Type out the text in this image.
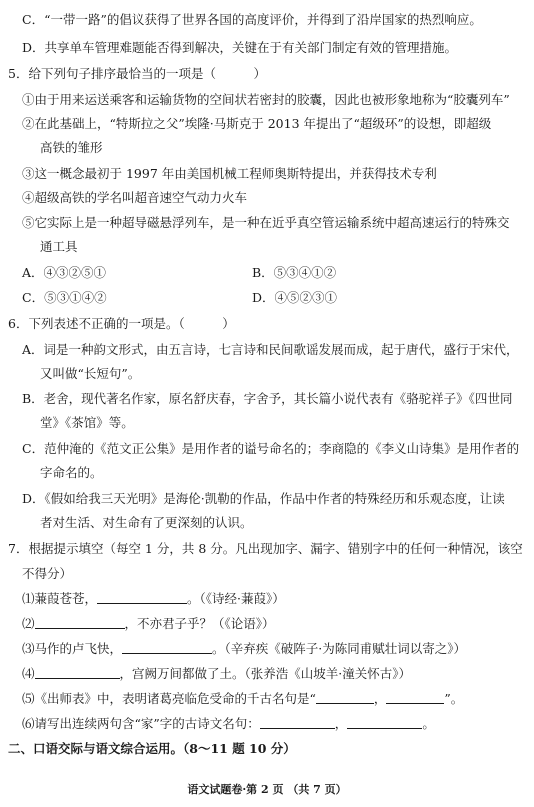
C．“一带一路”的倡议获得了世界各国的高度评价，并得到了沿岸国家的热烈响应。
D．共享单车管理难题能否得到解决，关键在于有关部门制定有效的管理措施。
5．给下列句子排序最恰当的一项是（　　　）
①由于用来运送乘客和运输货物的空间状若密封的胶囊，因此也被形象地称为“胶囊列车”
②在此基础上，“特斯拉之父”埃隆·马斯克于 2013 年提出了“超级环”的设想，即超级
高铁的雏形
③这一概念最初于 1997 年由美国机械工程师奥斯特提出，并获得技术专利
④超级高铁的学名叫超音速空气动力火车
⑤它实际上是一种超导磁悬浮列车，是一种在近乎真空管运输系统中超高速运行的特殊交
通工具
A．④③②⑤①	B．⑤③④①②
C．⑤③①④②	D．④⑤②③①
6．下列表述不正确的一项是。（　　　）
A．词是一种韵文形式，由五言诗，七言诗和民间歌谣发展而成，起于唐代，盛行于宋代，
又叫做“长短句”。
B．老舍，现代著名作家，原名舒庆春，字舍予，其长篇小说代表有《骆驼祥子》《四世同
堂》《茶馆》等。
C．范仲淹的《范文正公集》是用作者的谥号命名的；李商隐的《李义山诗集》是用作者的
字命名的。
D．《假如给我三天光明》是海伦·凯勒的作品，作品中作者的特殊经历和乐观态度，让读
者对生活、对生命有了更深刻的认识。
7．根据提示填空（每空 1 分，共 8 分。凡出现加字、漏字、错别字中的任何一种情况，该空
不得分）
⑴蒹葭苍苍，	。（《诗经·蒹葭》）
⑵	，不亦君子乎？（《论语》）
⑶马作的卢飞快，	。（辛弃疾《破阵子·为陈同甫赋壮词以寄之》）
⑷	，宫阙万间都做了土。（张养浩《山坡羊·潼关怀古》）
⑸《出师表》中，表明诸葛亮临危受命的千古名句是“	，	”。
⑹请写出连续两句含“家”字的古诗文名句：	，	。
二、口语交际与语文综合运用。（8～11 题 10 分）
语文试题卷·第 2 页 （共 7 页）
